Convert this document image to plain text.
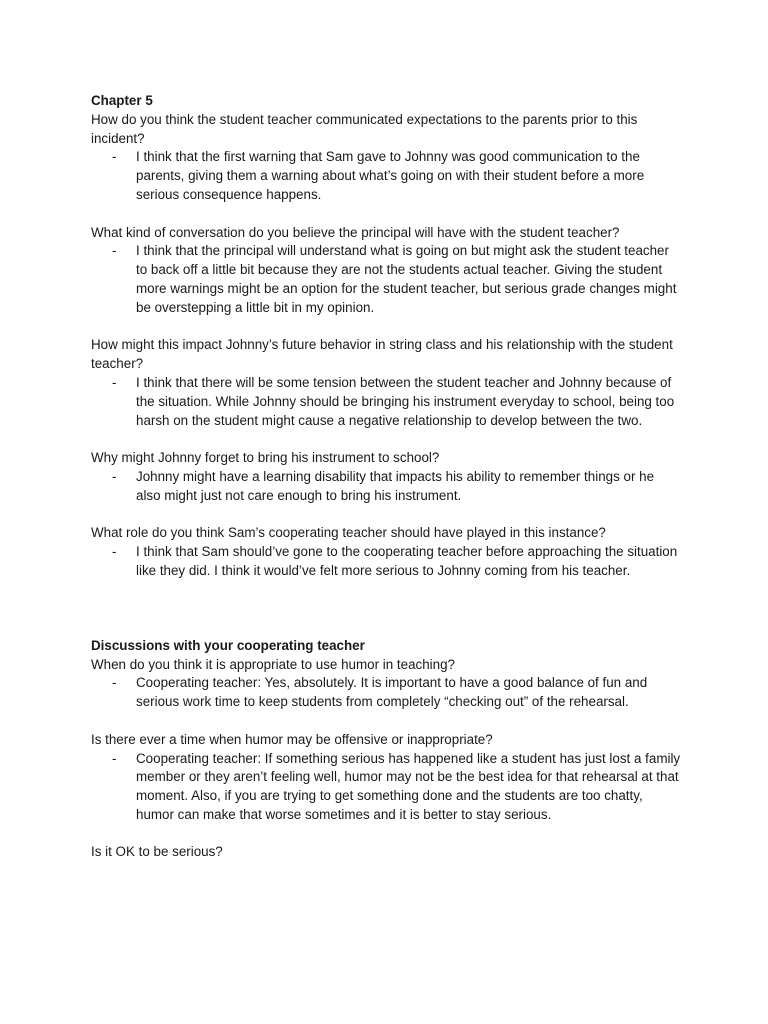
Chapter 5

How do you think the student teacher communicated expectations to the parents prior to this incident?

- I think that the first warning that Sam gave to Johnny was good communication to the parents, giving them a warning about what’s going on with their student before a more serious consequence happens.

What kind of conversation do you believe the principal will have with the student teacher?

- I think that the principal will understand what is going on but might ask the student teacher to back off a little bit because they are not the students actual teacher. Giving the student more warnings might be an option for the student teacher, but serious grade changes might be overstepping a little bit in my opinion.

How might this impact Johnny’s future behavior in string class and his relationship with the student teacher?

- I think that there will be some tension between the student teacher and Johnny because of the situation. While Johnny should be bringing his instrument everyday to school, being too harsh on the student might cause a negative relationship to develop between the two.

Why might Johnny forget to bring his instrument to school?

- Johnny might have a learning disability that impacts his ability to remember things or he also might just not care enough to bring his instrument.

What role do you think Sam’s cooperating teacher should have played in this instance?

- I think that Sam should’ve gone to the cooperating teacher before approaching the situation like they did. I think it would’ve felt more serious to Johnny coming from his teacher.

Discussions with your cooperating teacher

When do you think it is appropriate to use humor in teaching?

- Cooperating teacher: Yes, absolutely. It is important to have a good balance of fun and serious work time to keep students from completely “checking out” of the rehearsal.

Is there ever a time when humor may be offensive or inappropriate?

- Cooperating teacher: If something serious has happened like a student has just lost a family member or they aren’t feeling well, humor may not be the best idea for that rehearsal at that moment. Also, if you are trying to get something done and the students are too chatty, humor can make that worse sometimes and it is better to stay serious.

Is it OK to be serious?
